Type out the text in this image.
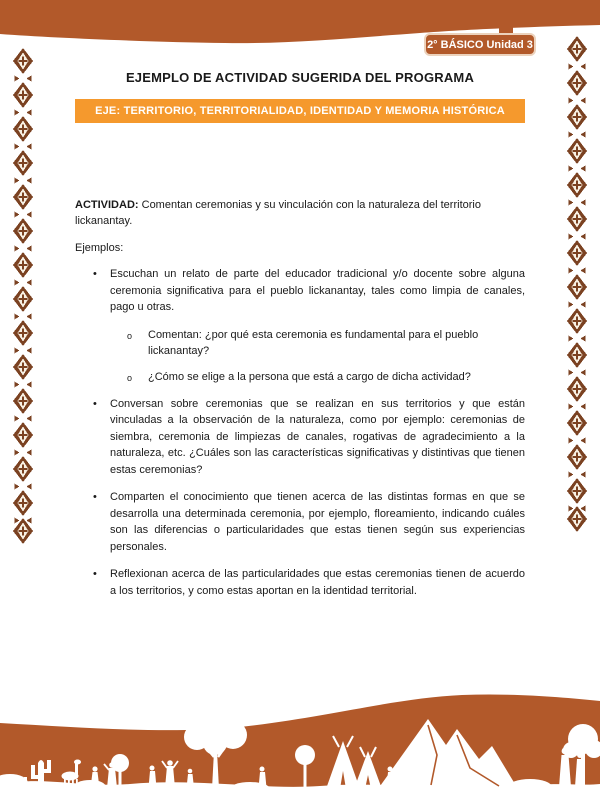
2° BÁSICO Unidad 3
EJEMPLO DE ACTIVIDAD SUGERIDA DEL PROGRAMA
EJE: TERRITORIO, TERRITORIALIDAD, IDENTIDAD Y MEMORIA HISTÓRICA

ACTIVIDAD: Comentan ceremonias y su vinculación con la naturaleza del territorio lickanantay.

Ejemplos:

•	Escuchan un relato de parte del educador tradicional y/o docente sobre alguna ceremonia significativa para el pueblo lickanantay, tales como limpia de canales, pago u otras.
o	Comentan: ¿por qué esta ceremonia es fundamental para el pueblo lickanantay?
o	¿Cómo se elige a la persona que está a cargo de dicha actividad?
•	Conversan sobre ceremonias que se realizan en sus territorios y que están vinculadas a la observación de la naturaleza, como por ejemplo: ceremonias de siembra, ceremonia de limpiezas de canales, rogativas de agradecimiento a la naturaleza, etc. ¿Cuáles son las características significativas y distintivas que tienen estas ceremonias?
•	Comparten el conocimiento que tienen acerca de las distintas formas en que se desarrolla una determinada ceremonia, por ejemplo, floreamiento, indicando cuáles son las diferencias o particularidades que estas tienen según sus experiencias personales.
•	Reflexionan acerca de las particularidades que estas ceremonias tienen de acuerdo a los territorios, y como estas aportan en la identidad territorial.
